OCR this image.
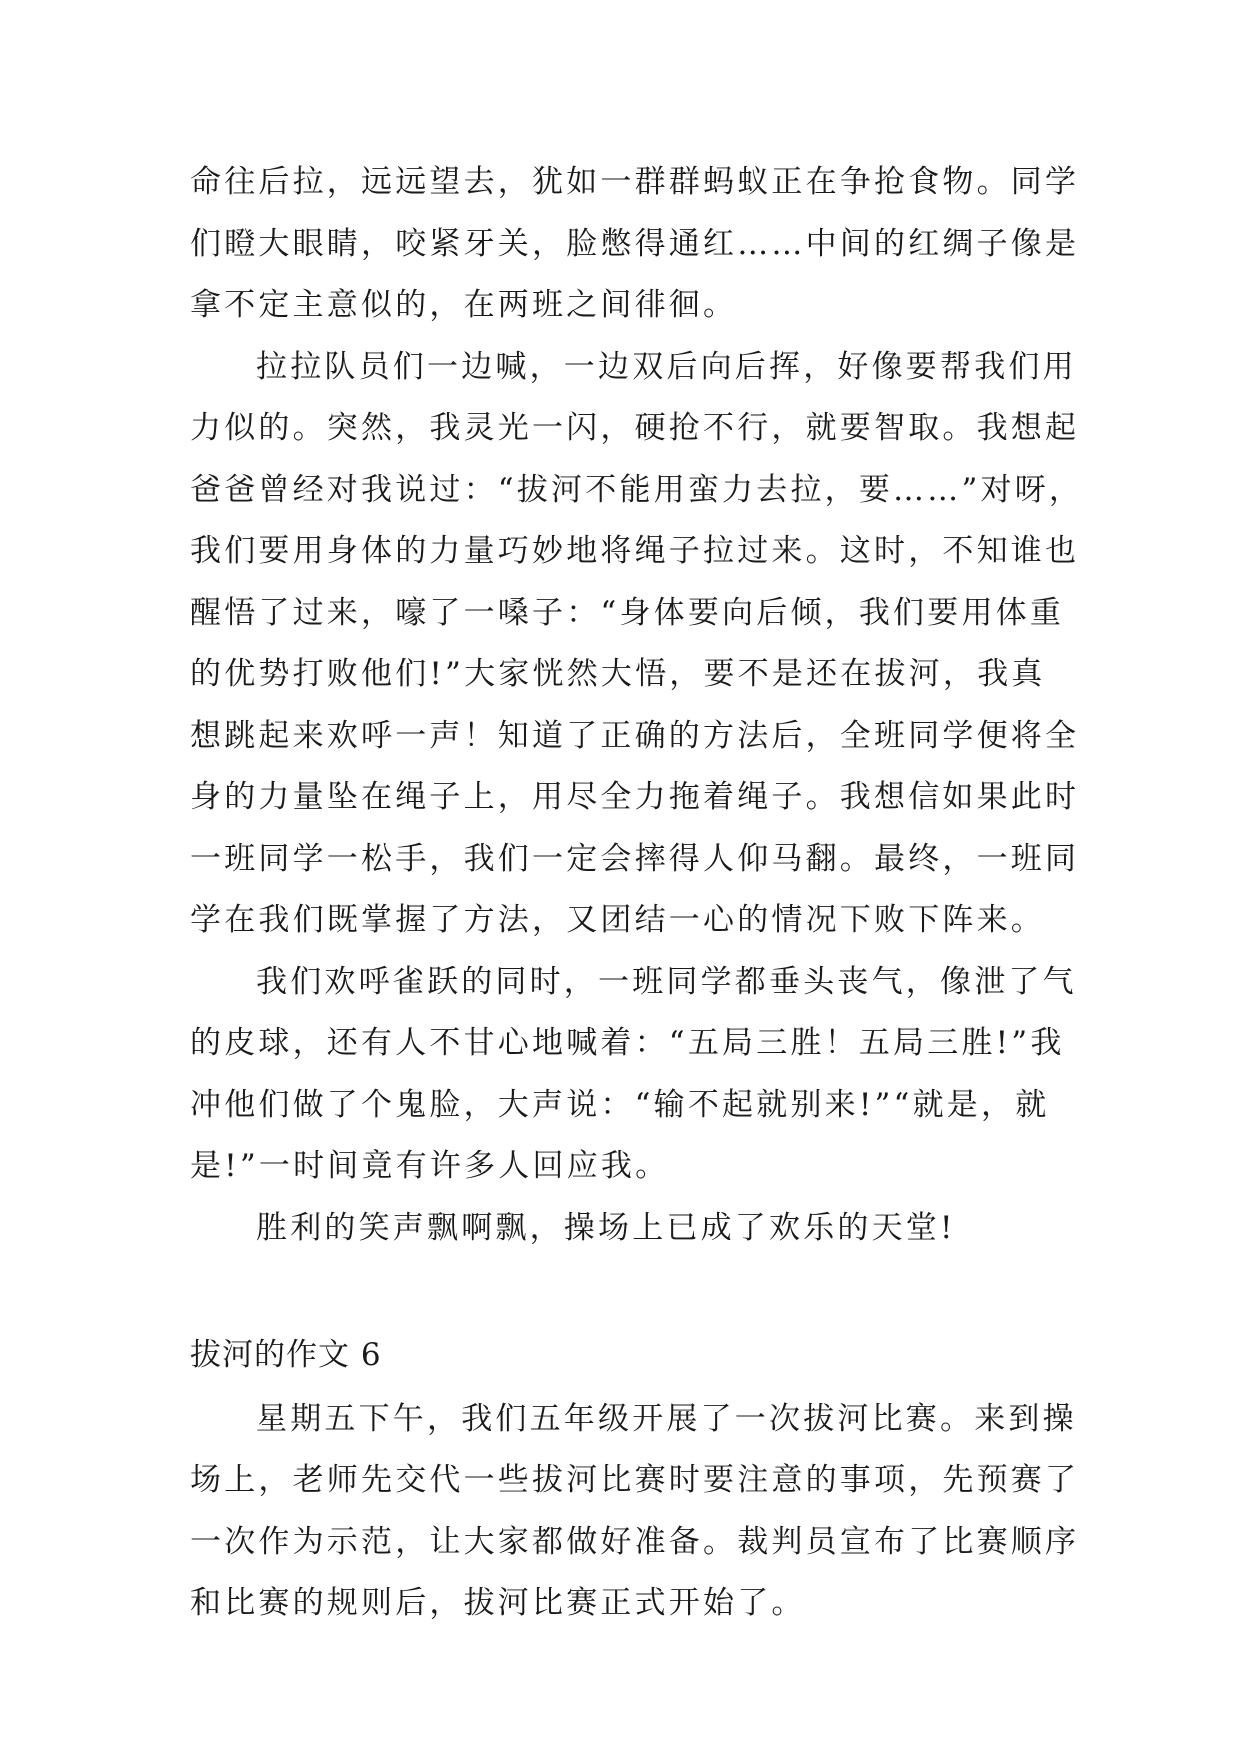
命往后拉，远远望去，犹如一群群蚂蚁正在争抢食物。同学
们瞪大眼睛，咬紧牙关，脸憋得通红……中间的红绸子像是
拿不定主意似的，在两班之间徘徊。
拉拉队员们一边喊，一边双后向后挥，好像要帮我们用
力似的。突然，我灵光一闪，硬抢不行，就要智取。我想起
爸爸曾经对我说过：“拔河不能用蛮力去拉，要……”对呀，
我们要用身体的力量巧妙地将绳子拉过来。这时，不知谁也
醒悟了过来，嚎了一嗓子：“身体要向后倾，我们要用体重
的优势打败他们!”大家恍然大悟，要不是还在拔河，我真
想跳起来欢呼一声！知道了正确的方法后，全班同学便将全
身的力量坠在绳子上，用尽全力拖着绳子。我想信如果此时
一班同学一松手，我们一定会摔得人仰马翻。最终，一班同
学在我们既掌握了方法，又团结一心的情况下败下阵来。
我们欢呼雀跃的同时，一班同学都垂头丧气，像泄了气
的皮球，还有人不甘心地喊着：“五局三胜！五局三胜!”我
冲他们做了个鬼脸，大声说：“输不起就别来!”“就是，就
是!”一时间竟有许多人回应我。
胜利的笑声飘啊飘，操场上已成了欢乐的天堂!
拔河的作文 6
星期五下午，我们五年级开展了一次拔河比赛。来到操
场上，老师先交代一些拔河比赛时要注意的事项，先预赛了
一次作为示范，让大家都做好准备。裁判员宣布了比赛顺序
和比赛的规则后，拔河比赛正式开始了。
